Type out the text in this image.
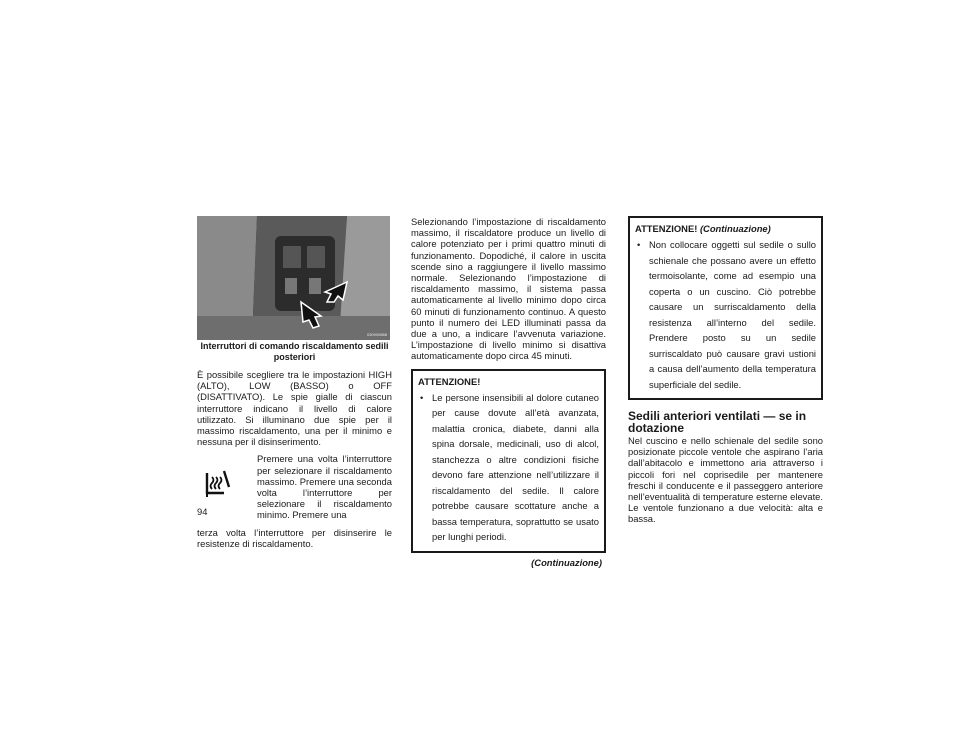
030909888
Interruttori di comando riscaldamento sedili posteriori

È possibile scegliere tra le impostazioni HIGH (ALTO), LOW (BASSO) o OFF (DISATTIVATO). Le spie gialle di ciascun interruttore indicano il livello di calore utilizzato. Si illuminano due spie per il massimo riscaldamento, una per il minimo e nessuna per il disinserimento.

Premere una volta l’interruttore per selezionare il riscaldamento massimo. Premere una seconda volta l’interruttore per selezionare il riscaldamento minimo. Premere una

terza volta l’interruttore per disinserire le resistenze di riscaldamento.

94

Selezionando l’impostazione di riscaldamento massimo, il riscaldatore produce un livello di calore potenziato per i primi quattro minuti di funzionamento. Dopodiché, il calore in uscita scende sino a raggiungere il livello massimo normale. Selezionando l’impostazione di riscaldamento massimo, il sistema passa automaticamente al livello minimo dopo circa 60 minuti di funzionamento continuo. A questo punto il numero dei LED illuminati passa da due a uno, a indicare l’avvenuta variazione. L’impostazione di livello minimo si disattiva automaticamente dopo circa 45 minuti.

ATTENZIONE!
• Le persone insensibili al dolore cutaneo per cause dovute all’età avanzata, malattia cronica, diabete, danni alla spina dorsale, medicinali, uso di alcol, stanchezza o altre condizioni fisiche devono fare attenzione nell’utilizzare il riscaldamento del sedile. Il calore potrebbe causare scottature anche a bassa temperatura, soprattutto se usato per lunghi periodi.
(Continuazione)
ATTENZIONE! (Continuazione)
• Non collocare oggetti sul sedile o sullo schienale che possano avere un effetto termoisolante, come ad esempio una coperta o un cuscino. Ciò potrebbe causare un surriscaldamento della resistenza all’interno del sedile. Prendere posto su un sedile surriscaldato può causare gravi ustioni a causa dell’aumento della temperatura superficiale del sedile.
Sedili anteriori ventilati — se in dotazione

Nel cuscino e nello schienale del sedile sono posizionate piccole ventole che aspirano l’aria dall’abitacolo e immettono aria attraverso i piccoli fori nel coprisedile per mantenere freschi il conducente e il passeggero anteriore nell’eventualità di temperature esterne elevate. Le ventole funzionano a due velocità: alta e bassa.
